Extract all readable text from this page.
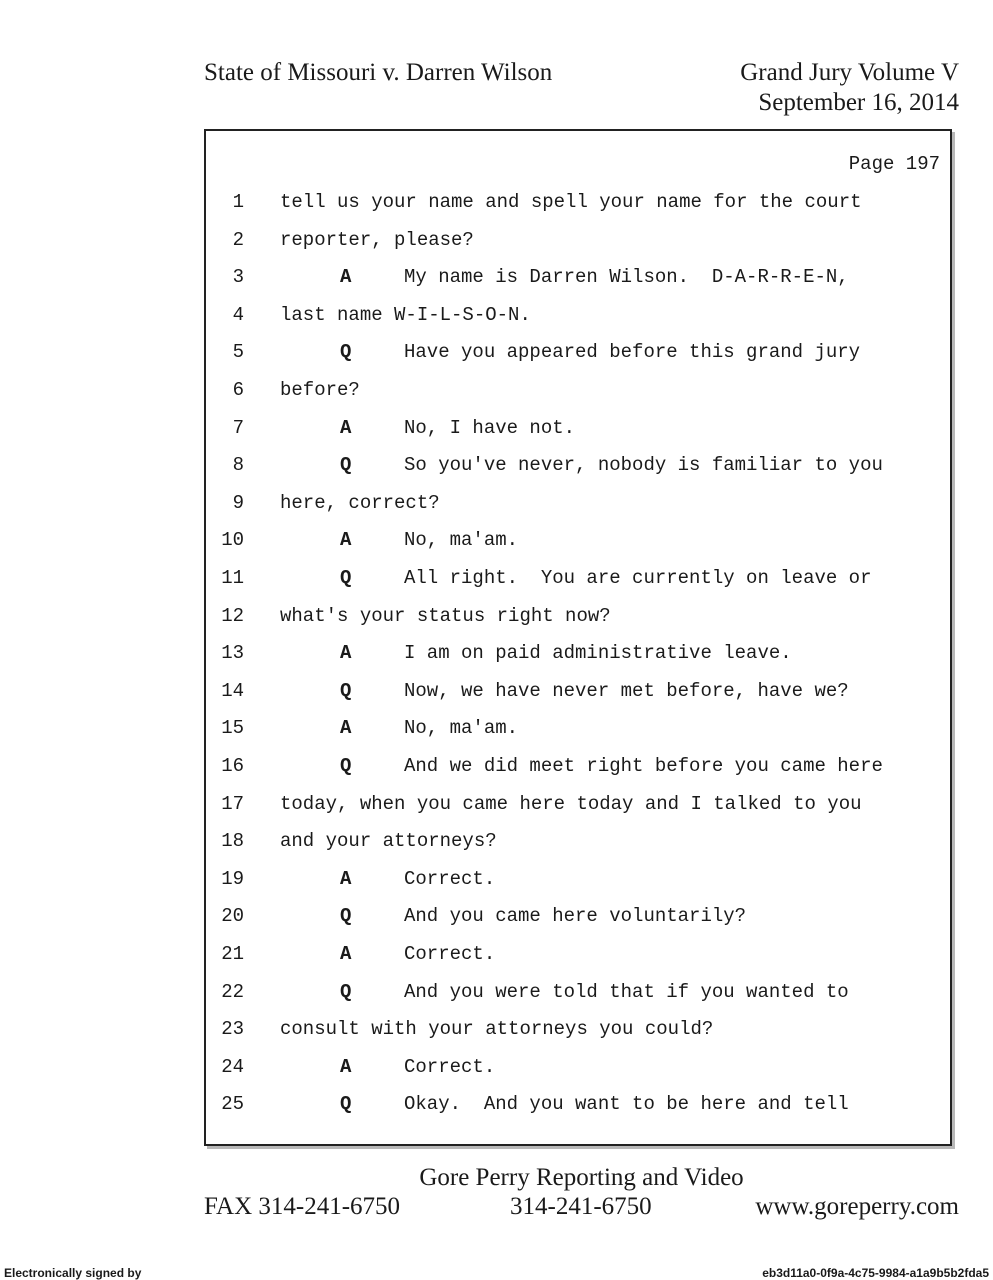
State of Missouri v. Darren Wilson	Grand Jury Volume V
September 16, 2014
Page 197
1 tell us your name and spell your name for the court
2 reporter, please?
3	A	My name is Darren Wilson.  D-A-R-R-E-N,
4 last name W-I-L-S-O-N.
5	Q	Have you appeared before this grand jury
6 before?
7	A	No, I have not.
8	Q	So you've never, nobody is familiar to you
9 here, correct?
10	A	No, ma'am.
11	Q	All right.  You are currently on leave or
12 what's your status right now?
13	A	I am on paid administrative leave.
14	Q	Now, we have never met before, have we?
15	A	No, ma'am.
16	Q	And we did meet right before you came here
17 today, when you came here today and I talked to you
18 and your attorneys?
19	A	Correct.
20	Q	And you came here voluntarily?
21	A	Correct.
22	Q	And you were told that if you wanted to
23 consult with your attorneys you could?
24	A	Correct.
25	Q	Okay.  And you want to be here and tell
Gore Perry Reporting and Video
FAX 314-241-6750	314-241-6750	www.goreperry.com
Electronically signed by	eb3d11a0-0f9a-4c75-9984-a1a9b5b2fda5
